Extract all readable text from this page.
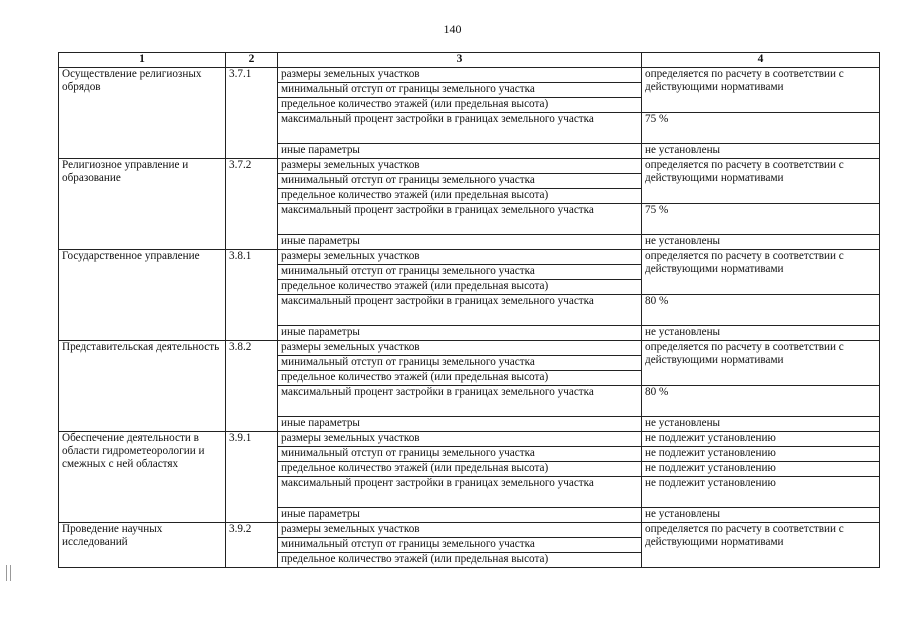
140
1	2	3	4
Осуществление религиозных обрядов	3.7.1	размеры земельных участков	определяется по расчету в соответствии с действующими нормативами
		минимальный отступ от границы земельного участка	
		предельное количество этажей (или предельная высота)	
		максимальный процент застройки в границах земельного участка	75 %
		иные параметры	не установлены
Религиозное управление и образование	3.7.2	размеры земельных участков	определяется по расчету в соответствии с действующими нормативами
		минимальный отступ от границы земельного участка	
		предельное количество этажей (или предельная высота)	
		максимальный процент застройки в границах земельного участка	75 %
		иные параметры	не установлены
Государственное управление	3.8.1	размеры земельных участков	определяется по расчету в соответствии с действующими нормативами
		минимальный отступ от границы земельного участка	
		предельное количество этажей (или предельная высота)	
		максимальный процент застройки в границах земельного участка	80 %
		иные параметры	не установлены
Представительская деятельность	3.8.2	размеры земельных участков	определяется по расчету в соответствии с действующими нормативами
		минимальный отступ от границы земельного участка	
		предельное количество этажей (или предельная высота)	
		максимальный процент застройки в границах земельного участка	80 %
		иные параметры	не установлены
Обеспечение деятельности в области гидрометеорологии и смежных с ней областях	3.9.1	размеры земельных участков	не подлежит установлению
		минимальный отступ от границы земельного участка	не подлежит установлению
		предельное количество этажей (или предельная высота)	не подлежит установлению
		максимальный процент застройки в границах земельного участка	не подлежит установлению
		иные параметры	не установлены
Проведение научных исследований	3.9.2	размеры земельных участков	определяется по расчету в соответствии с действующими нормативами
		минимальный отступ от границы земельного участка	
		предельное количество этажей (или предельная высота)	
